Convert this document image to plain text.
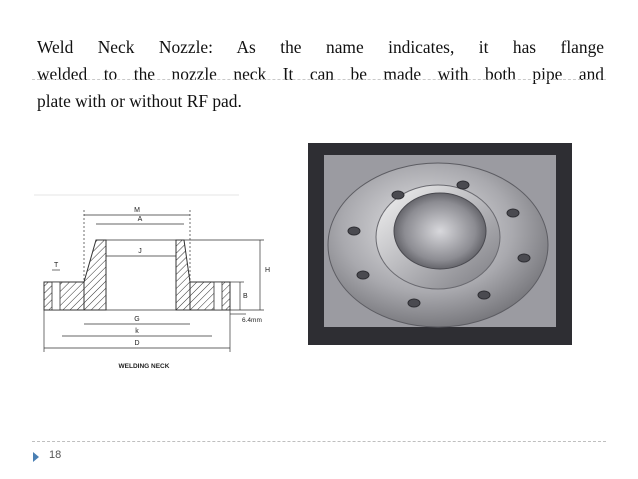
Weld Neck Nozzle: As the name indicates, it has flange
welded to the nozzle neck It can be made with both pipe and
plate with or without RF pad.
M
A
J
H
T
B
G
k
D
6.4mm
WELDING NECK
18
